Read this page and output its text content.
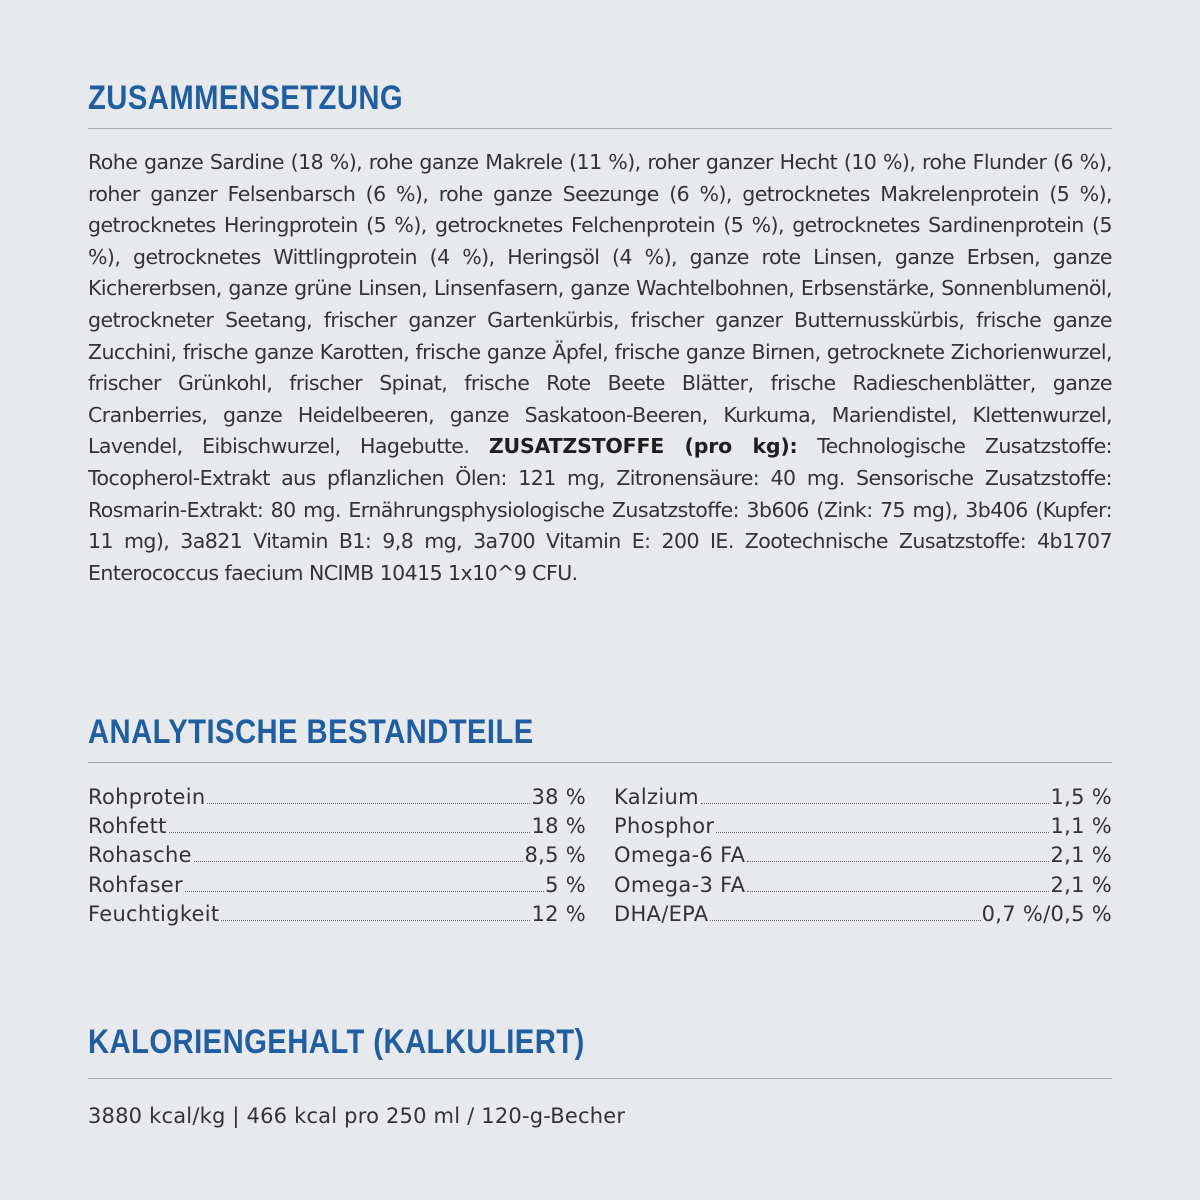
ZUSAMMENSETZUNG
Rohe ganze Sardine (18 %), rohe ganze Makrele (11 %), roher ganzer Hecht (10 %), rohe Flunder (6 %), roher ganzer Felsenbarsch (6 %), rohe ganze Seezunge (6 %), getrocknetes Makrelenprotein (5 %), getrocknetes Heringprotein (5 %), getrocknetes Felchenprotein (5 %), getrocknetes Sardinenprotein (5 %), getrocknetes Wittlingprotein (4 %), Heringsöl (4 %), ganze rote Linsen, ganze Erbsen, ganze Kichererbsen, ganze grüne Linsen, Linsenfasern, ganze Wachtelbohnen, Erbsenstärke, Sonnenblumenöl, getrockneter Seetang, frischer ganzer Gartenkürbis, frischer ganzer Butternusskürbis, frische ganze Zucchini, frische ganze Karotten, frische ganze Äpfel, frische ganze Birnen, getrocknete Zichorienwurzel, frischer Grünkohl, frischer Spinat, frische Rote Beete Blätter, frische Radieschenblätter, ganze Cranberries, ganze Heidelbeeren, ganze Saskatoon-Beeren, Kurkuma, Mariendistel, Klettenwurzel, Lavendel, Eibischwurzel, Hagebutte. ZUSATZSTOFFE (pro kg): Technologische Zusatzstoffe: Tocopherol-Extrakt aus pflanzlichen Ölen: 121 mg, Zitronensäure: 40 mg. Sensorische Zusatzstoffe: Rosmarin-Extrakt: 80 mg. Ernährungsphysiologische Zusatzstoffe: 3b606 (Zink: 75 mg), 3b406 (Kupfer: 11 mg), 3a821 Vitamin B1: 9,8 mg, 3a700 Vitamin E: 200 IE. Zootechnische Zusatzstoffe: 4b1707 Enterococcus faecium NCIMB 10415 1x10^9 CFU.
ANALYTISCHE BESTANDTEILE
Rohprotein	38 %
Rohfett	18 %
Rohasche	8,5 %
Rohfaser	5 %
Feuchtigkeit	12 %
Kalzium	1,5 %
Phosphor	1,1 %
Omega-6 FA	2,1 %
Omega-3 FA	2,1 %
DHA/EPA	0,7 %/0,5 %
KALORIENGEHALT (KALKULIERT)
3880 kcal/kg | 466 kcal pro 250 ml / 120-g-Becher
